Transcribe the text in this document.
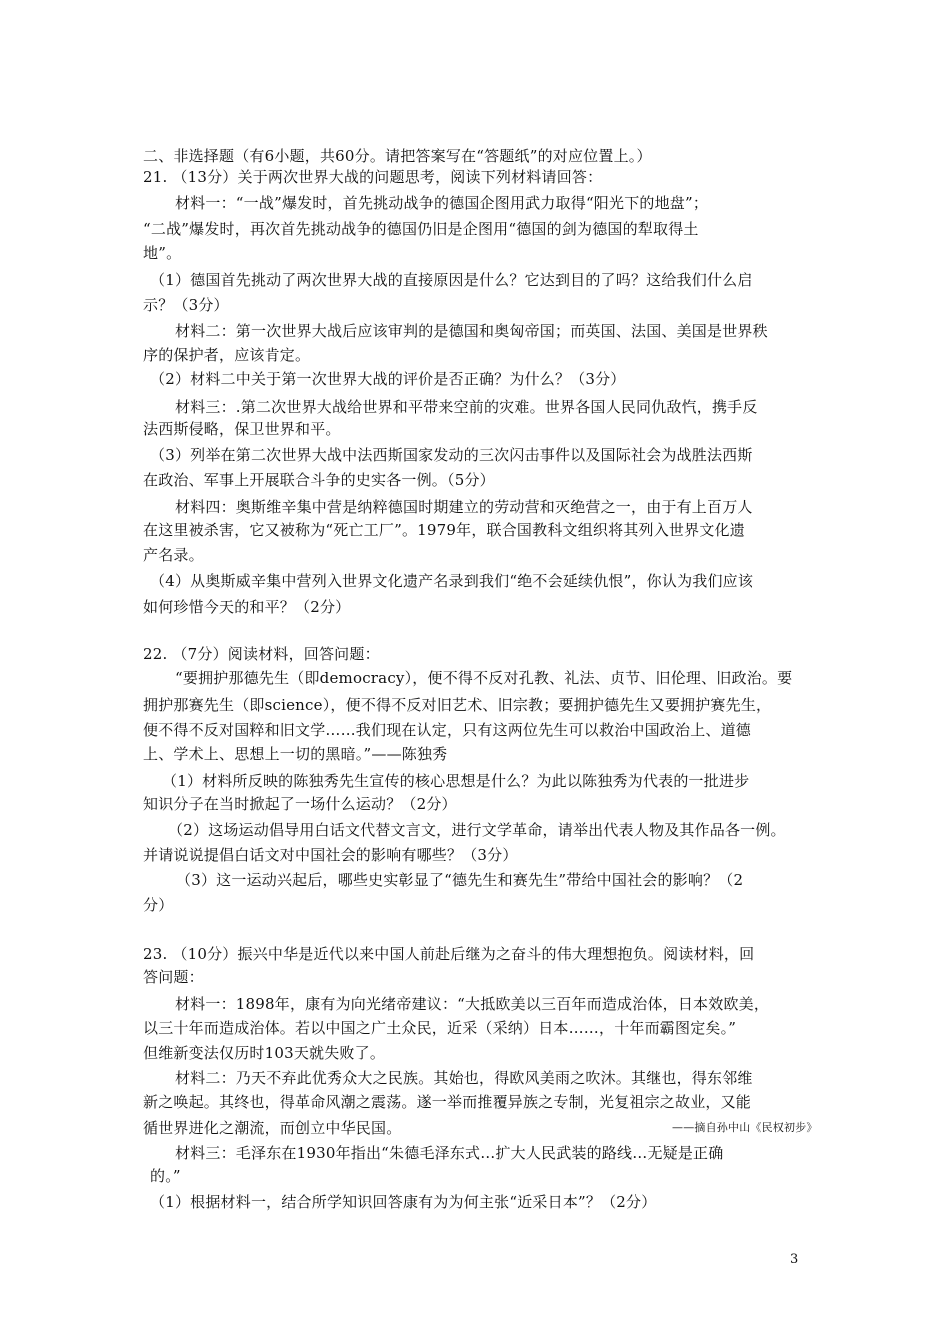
二、非选择题（有6小题，共60分。请把答案写在“答题纸”的对应位置上。）
21. （13分）关于两次世界大战的问题思考，阅读下列材料请回答：
材料一：“一战”爆发时，首先挑动战争的德国企图用武力取得“阳光下的地盘”；
“二战”爆发时，再次首先挑动战争的德国仍旧是企图用“德国的剑为德国的犁取得土
地”。
（1）德国首先挑动了两次世界大战的直接原因是什么？它达到目的了吗？这给我们什么启
示？（3分）
材料二：第一次世界大战后应该审判的是德国和奥匈帝国；而英国、法国、美国是世界秩
序的保护者，应该肯定。
（2）材料二中关于第一次世界大战的评价是否正确？为什么？（3分）
材料三：.第二次世界大战给世界和平带来空前的灾难。世界各国人民同仇敌忾，携手反
法西斯侵略，保卫世界和平。
（3）列举在第二次世界大战中法西斯国家发动的三次闪击事件以及国际社会为战胜法西斯
在政治、军事上开展联合斗争的史实各一例。（5分）
材料四：奥斯维辛集中营是纳粹德国时期建立的劳动营和灭绝营之一，由于有上百万人
在这里被杀害，它又被称为“死亡工厂”。1979年，联合国教科文组织将其列入世界文化遗
产名录。
（4）从奥斯威辛集中营列入世界文化遗产名录到我们“绝不会延续仇恨”，你认为我们应该
如何珍惜今天的和平？（2分）
22. （7分）阅读材料，回答问题：
“要拥护那德先生（即democracy），便不得不反对孔教、礼法、贞节、旧伦理、旧政治。要
拥护那赛先生（即science），便不得不反对旧艺术、旧宗教；要拥护德先生又要拥护赛先生，
便不得不反对国粹和旧文学……我们现在认定，只有这两位先生可以救治中国政治上、道德
上、学术上、思想上一切的黑暗。”——陈独秀
（1）材料所反映的陈独秀先生宣传的核心思想是什么？为此以陈独秀为代表的一批进步
知识分子在当时掀起了一场什么运动？（2分）
（2）这场运动倡导用白话文代替文言文，进行文学革命，请举出代表人物及其作品各一例。
并请说说提倡白话文对中国社会的影响有哪些？（3分）
（3）这一运动兴起后，哪些史实彰显了“德先生和赛先生”带给中国社会的影响？（2
分）
23. （10分）振兴中华是近代以来中国人前赴后继为之奋斗的伟大理想抱负。阅读材料，回
答问题：
材料一：1898年，康有为向光绪帝建议：“大抵欧美以三百年而造成治体，日本效欧美，
以三十年而造成治体。若以中国之广土众民，近采（采纳）日本……，十年而霸图定矣。”
但维新变法仅历时103天就失败了。
材料二：乃天不弃此优秀众大之民族。其始也，得欧风美雨之吹沐。其继也，得东邻维
新之唤起。其终也，得革命风潮之震荡。遂一举而推覆异族之专制，光复祖宗之故业，又能
循世界进化之潮流，而创立中华民国。	——摘自孙中山《民权初步》
材料三：毛泽东在1930年指出“朱德毛泽东式…扩大人民武装的路线…无疑是正确
的。”
（1）根据材料一，结合所学知识回答康有为为何主张“近采日本”？（2分）
3
